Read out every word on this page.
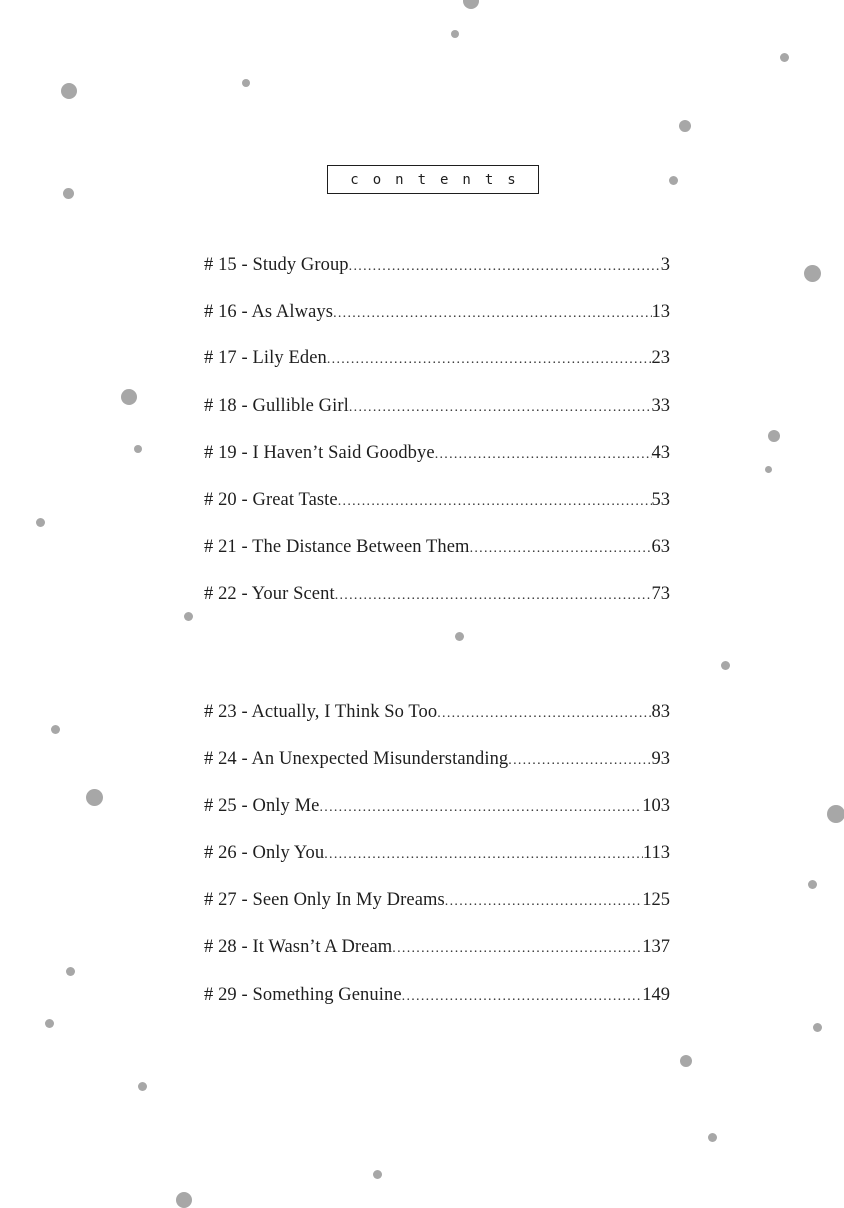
contents
# 15 - Study Group .....	3
# 16 - As Always .....	13
# 17 - Lily Eden .....	23
# 18 - Gullible Girl .....	33
# 19 - I Haven’t Said Goodbye .....	43
# 20 - Great Taste .....	53
# 21 - The Distance Between Them .....	63
# 22 - Your Scent .....	73
# 23 - Actually, I Think So Too .....	83
# 24 - An Unexpected Misunderstanding .....	93
# 25 - Only Me .....	103
# 26 - Only You .....	113
# 27 - Seen Only In My Dreams .....	125
# 28 - It Wasn’t A Dream .....	137
# 29 - Something Genuine .....	149
